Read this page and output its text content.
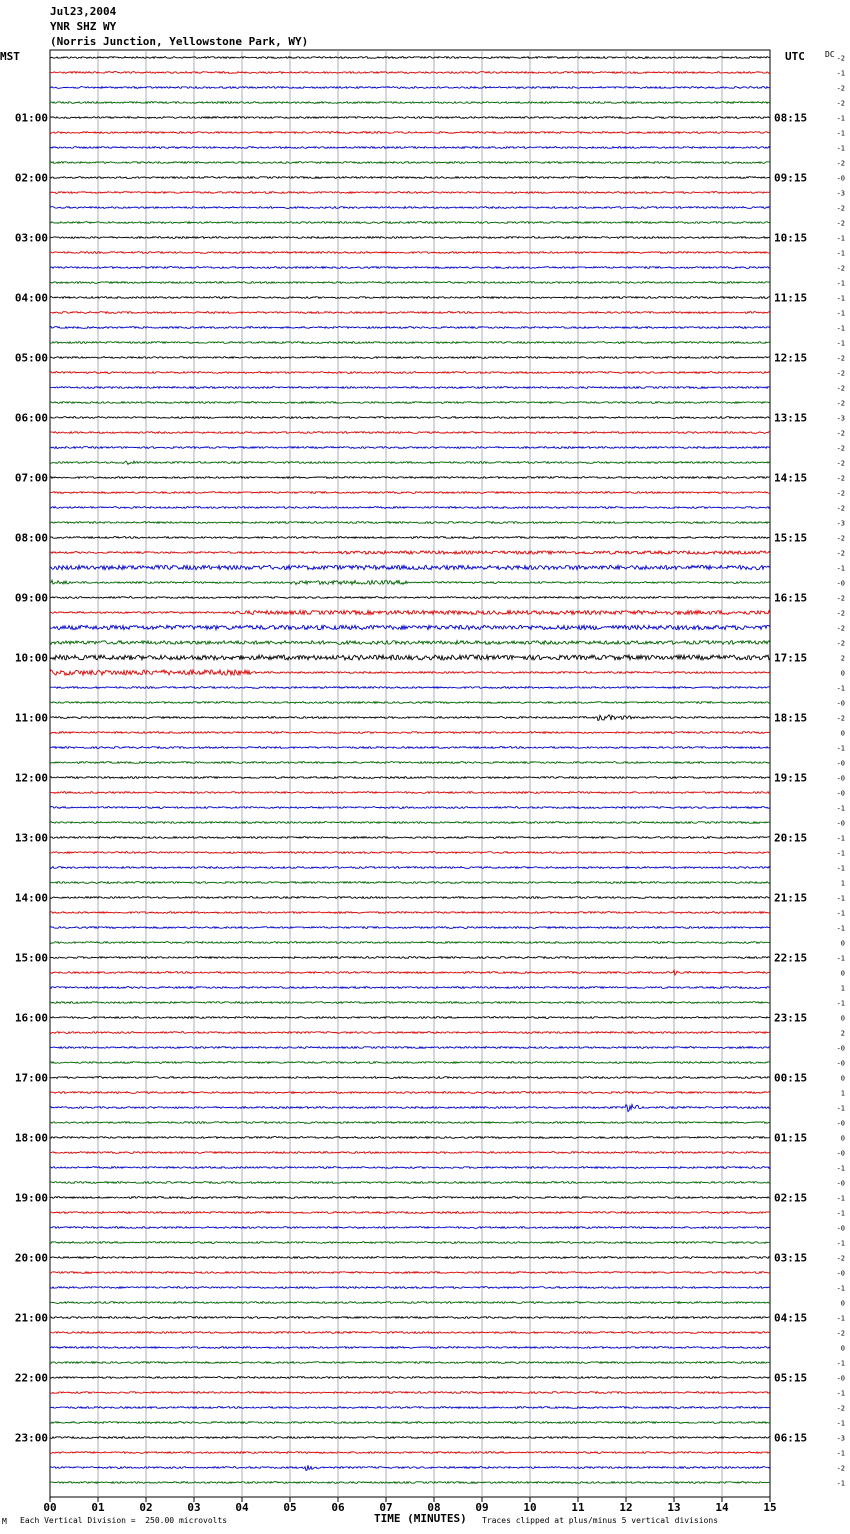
01:00	08:15
02:00	09:15
03:00	10:15
04:00	11:15
05:00	12:15
06:00	13:15
07:00	14:15
08:00	15:15
09:00	16:15
10:00	17:15
11:00	18:15
12:00	19:15
13:00	20:15
14:00	21:15
15:00	22:15
16:00	23:15
17:00	00:15
18:00	01:15
19:00	02:15
20:00	03:15
21:00	04:15
22:00	05:15
23:00	06:15
-2
-1
-2
-2
-1
-1
-1
-2
-0
-3
-2
-2
-1
-1
-2
-1
-1
-1
-1
-1
-2
-2
-2
-2
-3
-2
-2
-2
-2
-2
-2
-3
-2
-2
-1
-0
-2
-2
-2
-2
2
0
-1
-0
-2
0
-1
-0
-0
-0
-1
-0
-1
-1
-1
1
-1
-1
-1
0
-1
0
1
-1
0
2
-0
-0
0
1
-1
-0
0
-0
-1
-0
-1
-1
-0
-1
-2
-0
-1
0
-1
-2
0
-1
-0
-1
-2
-1
-3
-1
-2
-1
00	01	02	03	04	05	06	07	08	09	10	11	12	13	14	15
Jul23,2004
YNR SHZ WY
(Norris Junction, Yellowstone Park, WY)
MST	UTC	DC
M Each Vertical Division =  250.00 microvolts	TIME (MINUTES) Traces clipped at plus/minus 5 vertical divisions
